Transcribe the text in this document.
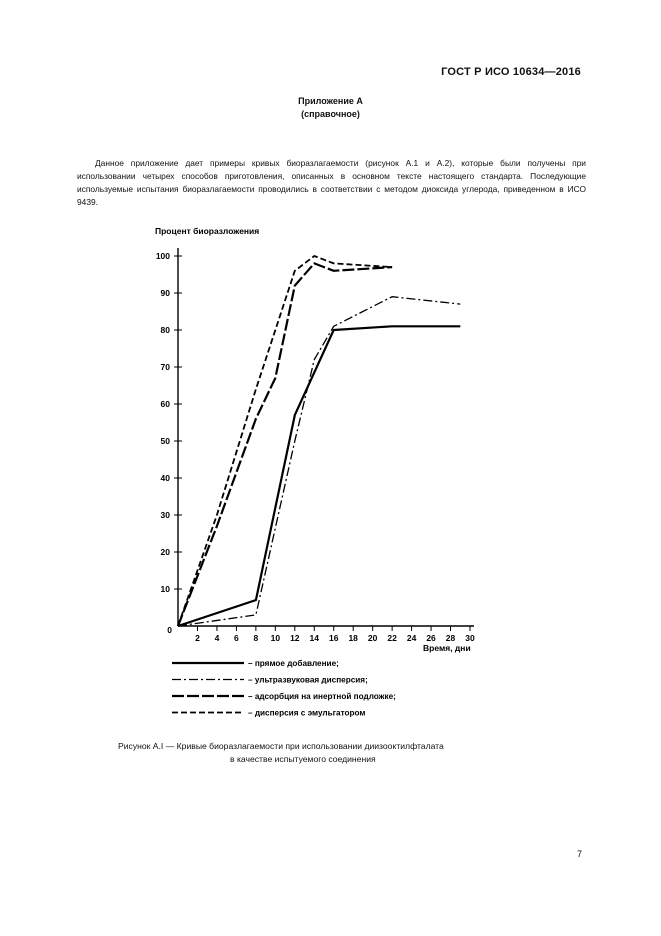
ГОСТ Р ИСО 10634—2016
Приложение А
(справочное)
Данное приложение дает примеры кривых биоразлагаемости (рисунок А.1 и А.2), которые были получены при использовании четырех способов приготовления, описанных в основном тексте настоящего стандарта. Последующие используемые испытания биоразлагаемости проводились в соответствии с методом диоксида углерода, приведенном в ИСО 9439.
Процент биоразложения
10
20
30
40
50
60
70
80
90
100
2 4 6 8 10 12 14 16 18 20 22 24 26 28 30
0
Время, дни
– прямое добавление;
– ультразвуковая дисперсия;
– адсорбция на инертной подложке;
– дисперсия с эмульгатором
Рисунок А.I — Кривые биоразлагаемости при использовании диизооктилфталата
в качестве испытуемого соединения
7
